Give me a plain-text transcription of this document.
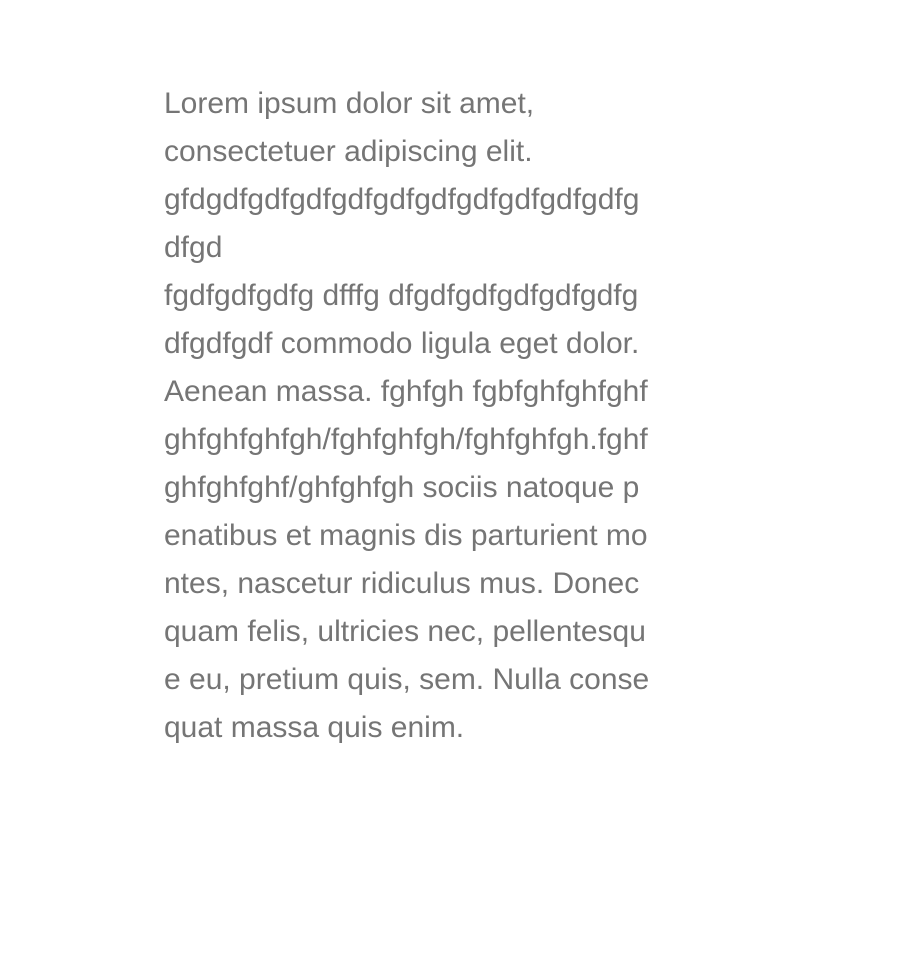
Lorem ipsum dolor sit amet,
consectetuer adipiscing elit.
gfdgdfgdfgdfgdfgdfgdfgdfgdfgdfgdfg
dfgd
fgdfgdfgdfg dfffg dfgdfgdfgdfgdfgdfg
dfgdfgdf commodo ligula eget dolor.
Aenean massa. fghfgh fgbfghfghfghf
ghfghfghfgh/fghfghfgh/fghfghfgh.fghf
ghfghfghf/ghfghfgh sociis natoque p
enatibus et magnis dis parturient mo
ntes, nascetur ridiculus mus. Donec
quam felis, ultricies nec, pellentesqu
e eu, pretium quis, sem. Nulla conse
quat massa quis enim.
